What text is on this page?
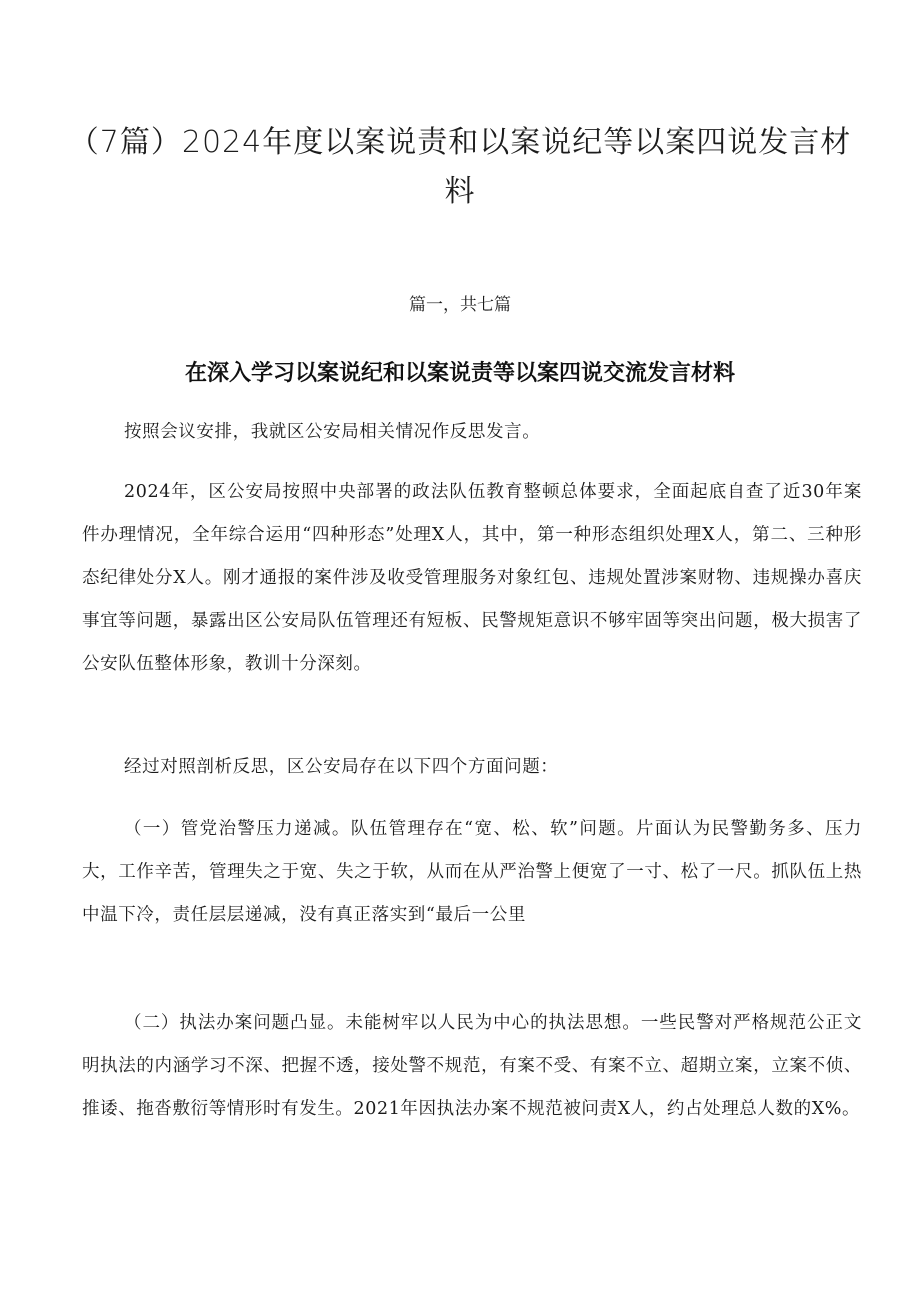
（7篇）2024年度以案说责和以案说纪等以案四说发言材料

篇一，共七篇

在深入学习以案说纪和以案说责等以案四说交流发言材料

按照会议安排，我就区公安局相关情况作反思发言。

2024年，区公安局按照中央部署的政法队伍教育整顿总体要求，全面起底自查了近30年案件办理情况，全年综合运用“四种形态”处理X人，其中，第一种形态组织处理X人，第二、三种形态纪律处分X人。刚才通报的案件涉及收受管理服务对象红包、违规处置涉案财物、违规操办喜庆事宜等问题，暴露出区公安局队伍管理还有短板、民警规矩意识不够牢固等突出问题，极大损害了公安队伍整体形象，教训十分深刻。

经过对照剖析反思，区公安局存在以下四个方面问题：

（一）管党治警压力递减。队伍管理存在“宽、松、软”问题。片面认为民警勤务多、压力大，工作辛苦，管理失之于宽、失之于软，从而在从严治警上便宽了一寸、松了一尺。抓队伍上热中温下冷，责任层层递减，没有真正落实到“最后一公里

（二）执法办案问题凸显。未能树牢以人民为中心的执法思想。一些民警对严格规范公正文明执法的内涵学习不深、把握不透，接处警不规范，有案不受、有案不立、超期立案，立案不侦、推诿、拖沓敷衍等情形时有发生。2021年因执法办案不规范被问责X人，约占处理总人数的X%。
